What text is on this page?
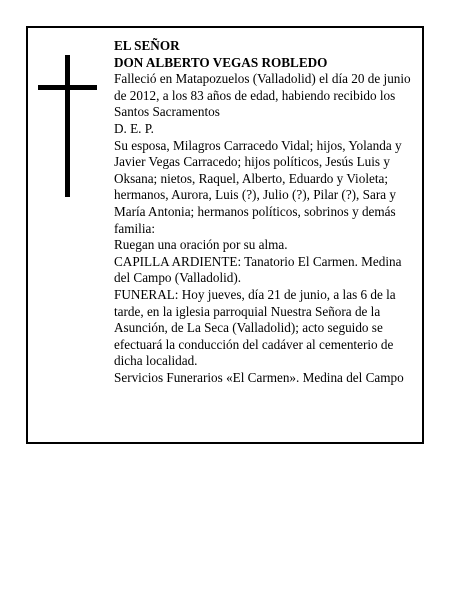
EL SEÑOR

DON ALBERTO VEGAS ROBLEDO

Falleció en Matapozuelos (Valladolid) el día 20 de junio de 2012, a los 83 años de edad, habiendo recibido los Santos Sacramentos

D. E. P.

Su esposa, Milagros Carracedo Vidal; hijos, Yolanda y Javier Vegas Carracedo; hijos políticos, Jesús Luis y Oksana; nietos, Raquel, Alberto, Eduardo y Violeta; hermanos, Aurora, Luis (?), Julio (?), Pilar (?), Sara y María Antonia; hermanos políticos, sobrinos y demás familia:

Ruegan una oración por su alma.

CAPILLA ARDIENTE: Tanatorio El Carmen. Medina del Campo (Valladolid).

FUNERAL: Hoy jueves, día 21 de junio, a las 6 de la tarde, en la iglesia parroquial Nuestra Señora de la Asunción, de La Seca (Valladolid); acto seguido se efectuará la conducción del cadáver al cementerio de dicha localidad.

Servicios Funerarios «El Carmen». Medina del Campo
